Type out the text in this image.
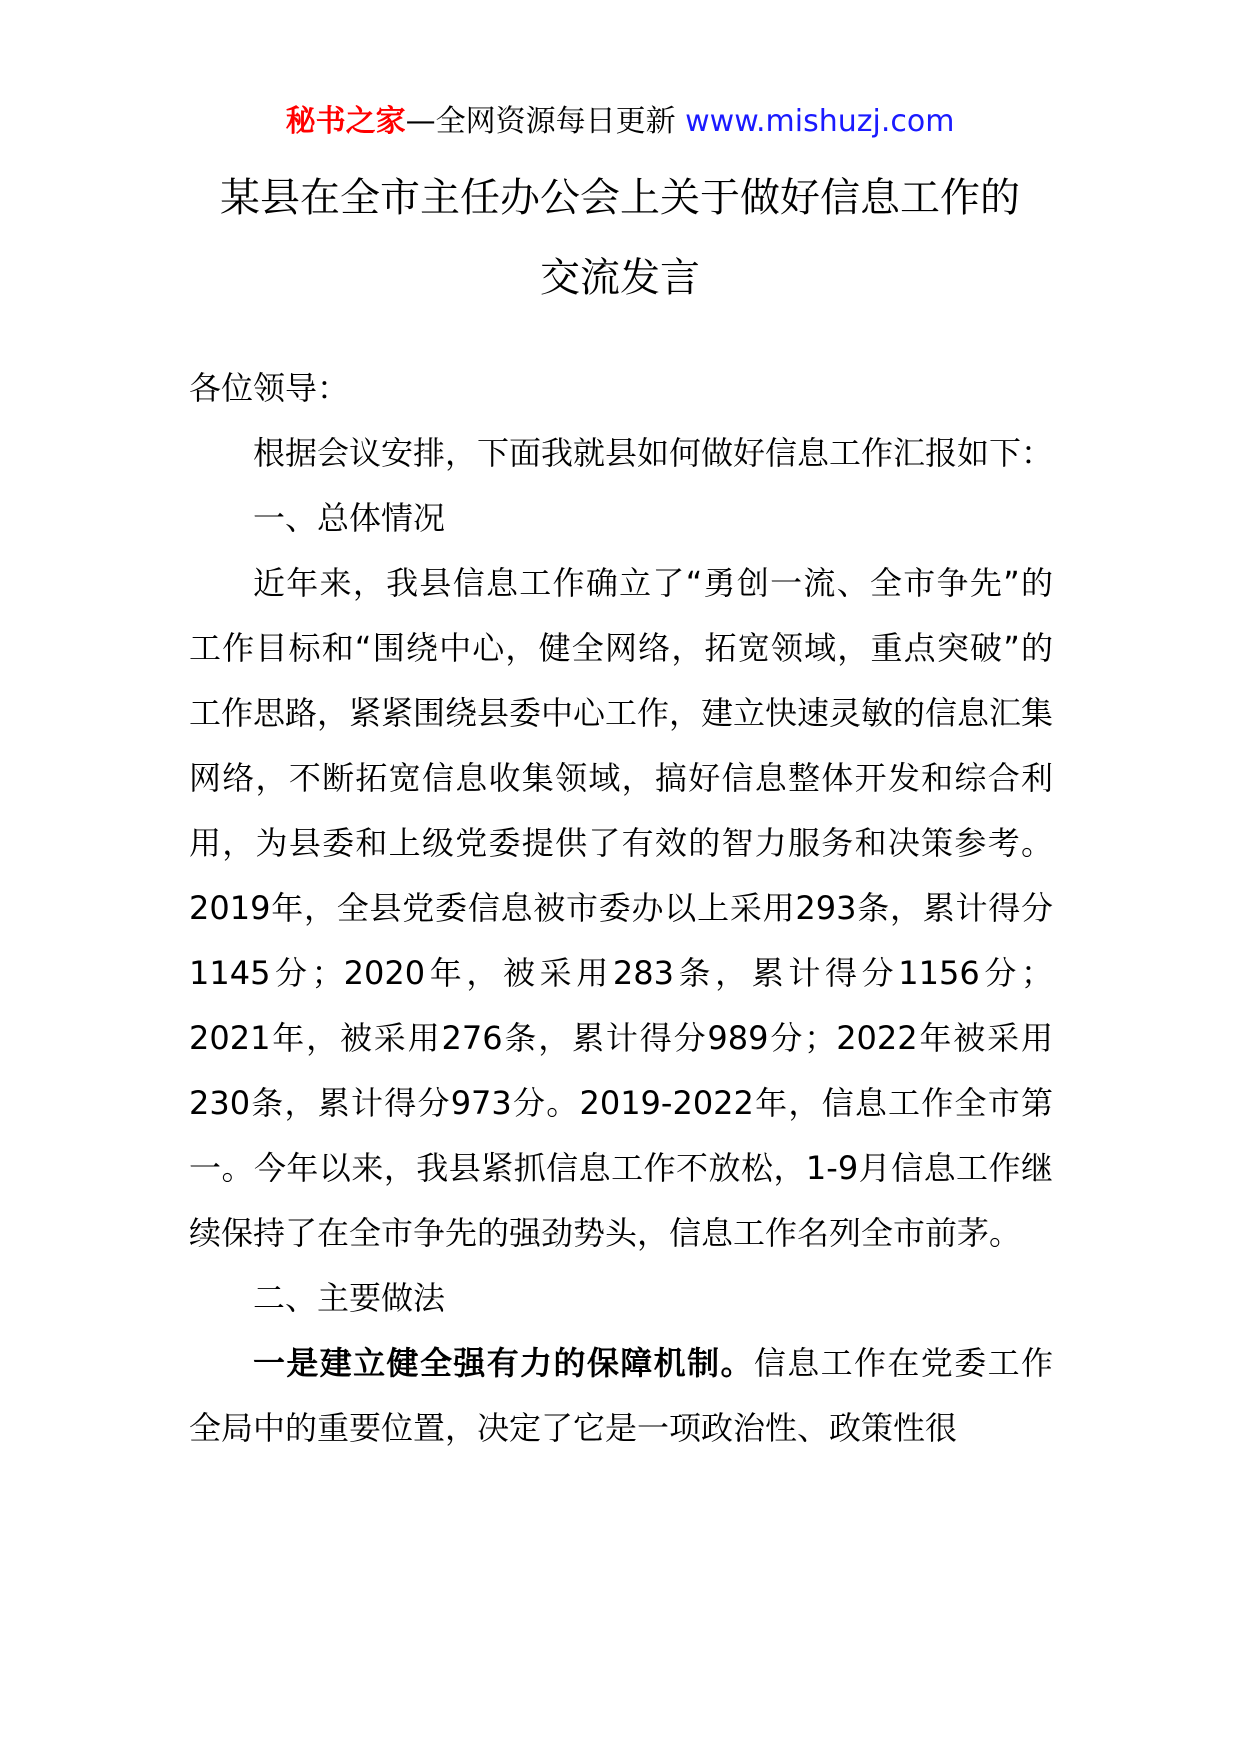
秘书之家—全网资源每日更新 www.mishuzj.com
某县在全市主任办公会上关于做好信息工作的
交流发言

各位领导：

根据会议安排，下面我就县如何做好信息工作汇报如下：

一、总体情况

近年来，我县信息工作确立了“勇创一流、全市争先”的工作目标和“围绕中心，健全网络，拓宽领域，重点突破”的工作思路，紧紧围绕县委中心工作，建立快速灵敏的信息汇集网络，不断拓宽信息收集领域，搞好信息整体开发和综合利用，为县委和上级党委提供了有效的智力服务和决策参考。2019年，全县党委信息被市委办以上采用293条，累计得分1145分；2020年，被采用283条，累计得分1156分；2021年，被采用276条，累计得分989分；2022年被采用230条，累计得分973分。2019-2022年，信息工作全市第一。今年以来，我县紧抓信息工作不放松，1-9月信息工作继续保持了在全市争先的强劲势头，信息工作名列全市前茅。

二、主要做法

一是建立健全强有力的保障机制。信息工作在党委工作全局中的重要位置，决定了它是一项政治性、政策性很
